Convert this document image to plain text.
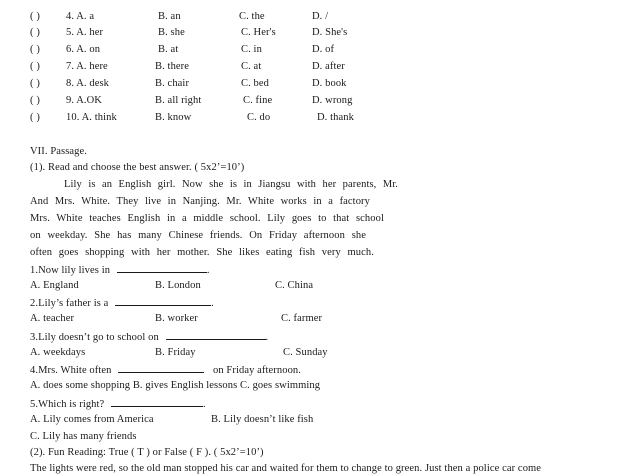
( ) 4. A. a	B. an	C. the	D. /
( ) 5. A. her	B. she	C. Her's	D. She's
( ) 6. A. on	B. at	C. in	D. of
( ) 7. A. here	B. there	C. at	D. after
( ) 8. A. desk	B. chair	C. bed	D. book
( ) 9. A.OK	B. all right	C. fine	D. wrong
( ) 10. A. think	B. know	C. do	D. thank
VII. Passage.
(1). Read and choose the best answer. ( 5x2’=10’)
Lily is an English girl. Now she is in Jiangsu with her parents, Mr.
And Mrs. White. They live in Nanjing. Mr. White works in a factory
Mrs. White teaches English in a middle school. Lily goes to that school
on weekday. She has many Chinese friends. On Friday afternoon she
often goes shopping with her mother. She likes eating fish very much.
1.Now lily lives in	.
A. England	B. London	C. China
2.Lily’s father is a	.
A. teacher	B. worker	C. farmer
3.Lily doesn’t go to school on	.
A. weekdays	B. Friday	C. Sunday
4.Mrs. White often	on Friday afternoon.
A. does some shopping B. gives English lessons C. goes swimming
5.Which is right?	.
A. Lily comes from America	B. Lily doesn’t like fish
C. Lily has many friends
(2). Fun Reading: True ( T ) or False ( F ). ( 5x2’=10’)
The lights were red, so the old man stopped his car and waited for them to change to green. Just then a police car come
